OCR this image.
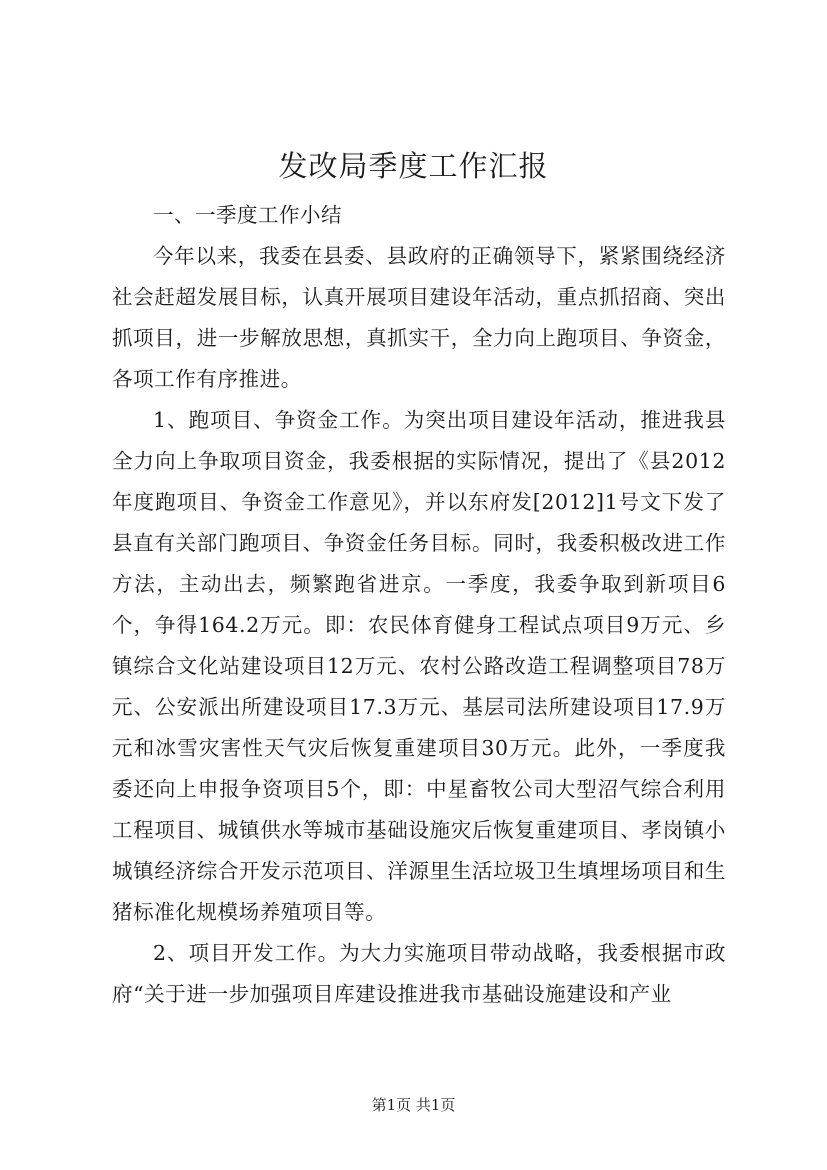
发改局季度工作汇报

一、一季度工作小结

今年以来，我委在县委、县政府的正确领导下，紧紧围绕经济社会赶超发展目标，认真开展项目建设年活动，重点抓招商、突出抓项目，进一步解放思想，真抓实干，全力向上跑项目、争资金，各项工作有序推进。

1、跑项目、争资金工作。为突出项目建设年活动，推进我县全力向上争取项目资金，我委根据的实际情况，提出了《县2012年度跑项目、争资金工作意见》，并以东府发[2012]1号文下发了县直有关部门跑项目、争资金任务目标。同时，我委积极改进工作方法，主动出去，频繁跑省进京。一季度，我委争取到新项目6个，争得164.2万元。即：农民体育健身工程试点项目9万元、乡镇综合文化站建设项目12万元、农村公路改造工程调整项目78万元、公安派出所建设项目17.3万元、基层司法所建设项目17.9万元和冰雪灾害性天气灾后恢复重建项目30万元。此外，一季度我委还向上申报争资项目5个，即：中星畜牧公司大型沼气综合利用工程项目、城镇供水等城市基础设施灾后恢复重建项目、孝岗镇小城镇经济综合开发示范项目、洋源里生活垃圾卫生填埋场项目和生猪标准化规模场养殖项目等。

2、项目开发工作。为大力实施项目带动战略，我委根据市政府“关于进一步加强项目库建设推进我市基础设施建设和产业

第1页 共1页
